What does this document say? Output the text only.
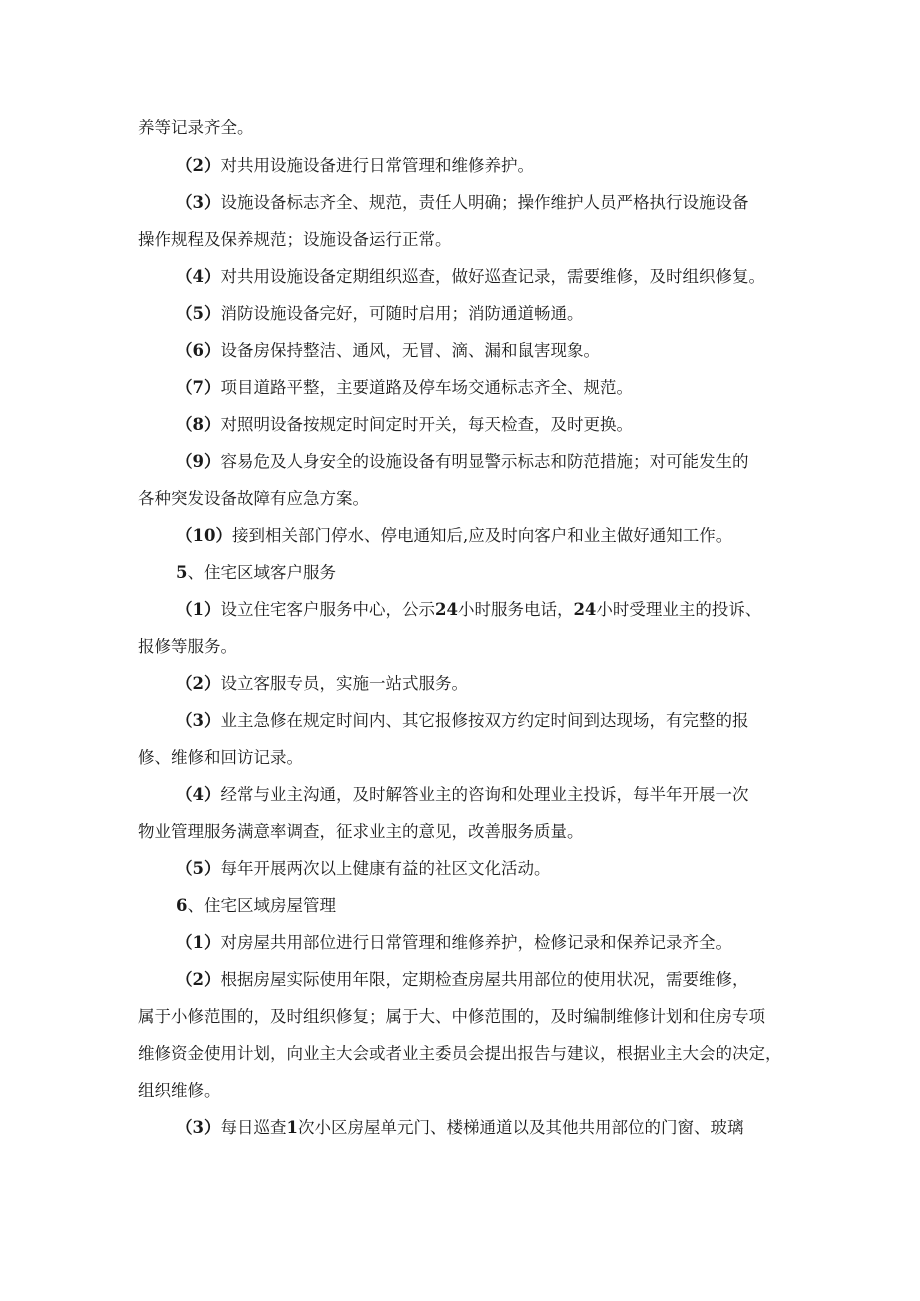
养等记录齐全。

（2）对共用设施设备进行日常管理和维修养护。

（3）设施设备标志齐全、规范，责任人明确；操作维护人员严格执行设施设备

操作规程及保养规范；设施设备运行正常。

（4）对共用设施设备定期组织巡查，做好巡查记录，需要维修，及时组织修复。

（5）消防设施设备完好，可随时启用；消防通道畅通。

（6）设备房保持整洁、通风，无冒、滴、漏和鼠害现象。

（7）项目道路平整，主要道路及停车场交通标志齐全、规范。

（8）对照明设备按规定时间定时开关，每天检查，及时更换。

（9）容易危及人身安全的设施设备有明显警示标志和防范措施；对可能发生的

各种突发设备故障有应急方案。

（10）接到相关部门停水、停电通知后,应及时向客户和业主做好通知工作。

5、住宅区域客户服务

（1）设立住宅客户服务中心，公示24小时服务电话，24小时受理业主的投诉、

报修等服务。

（2）设立客服专员，实施一站式服务。

（3）业主急修在规定时间内、其它报修按双方约定时间到达现场，有完整的报

修、维修和回访记录。

（4）经常与业主沟通，及时解答业主的咨询和处理业主投诉，每半年开展一次

物业管理服务满意率调查，征求业主的意见，改善服务质量。

（5）每年开展两次以上健康有益的社区文化活动。

6、住宅区域房屋管理

（1）对房屋共用部位进行日常管理和维修养护，检修记录和保养记录齐全。

（2）根据房屋实际使用年限，定期检查房屋共用部位的使用状况，需要维修，

属于小修范围的，及时组织修复；属于大、中修范围的，及时编制维修计划和住房专项

维修资金使用计划，向业主大会或者业主委员会提出报告与建议，根据业主大会的决定，

组织维修。

（3）每日巡查1次小区房屋单元门、楼梯通道以及其他共用部位的门窗、玻璃
